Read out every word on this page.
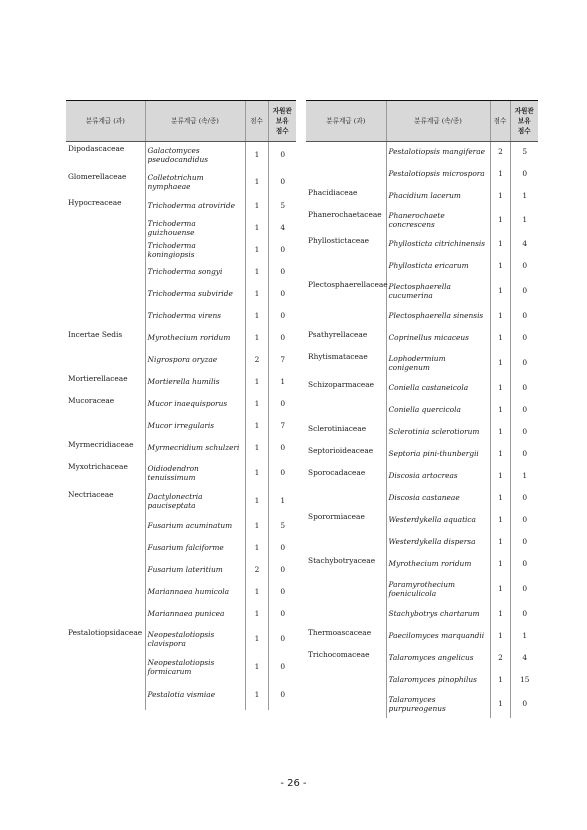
분류계급 (과)	분류계급 (속/종)	점수	자원관
보유
점수
Dipodascaceae	Galactomyces pseudocandidus	1	0
Glomerellaceae	Colletotrichum nymphaeae	1	0
Hypocreaceae	Trichoderma atroviride	1	5
	Trichoderma guizhouense	1	4
	Trichoderma koningiopsis	1	0
	Trichoderma songyi	1	0
	Trichoderma subviride	1	0
	Trichoderma virens	1	0
Incertae Sedis	Myrothecium roridum	1	0
	Nigrospora oryzae	2	7
Mortierellaceae	Mortierella humilis	1	1
Mucoraceae	Mucor inaequisporus	1	0
	Mucor irregularis	1	7
Myrmecridiaceae	Myrmecridium schulzeri	1	0
Myxotrichaceae	Oidiodendron tenuissimum	1	0
Nectriaceae	Dactylonectria pauciseptata	1	1
	Fusarium acuminatum	1	5
	Fusarium falciforme	1	0
	Fusarium lateritium	2	0
	Mariannaea humicola	1	0
	Mariannaea punicea	1	0
Pestalotiopsidaceae	Neopestalotiopsis clavispora	1	0
	Neopestalotiopsis formicarum	1	0
	Pestalotia vismiae	1	0
분류계급 (과)	분류계급 (속/종)	점수	자원관
보유
점수
	Pestalotiopsis mangiferae	2	5
	Pestalotiopsis microspora	1	0
Phacidiaceae	Phacidium lacerum	1	1
Phanerochaetaceae	Phanerochaete concrescens	1	1
Phyllostictaceae	Phyllosticta citrichinensis	1	4
	Phyllosticta ericarum	1	0
Plectosphaerellaceae	Plectosphaerella cucumerina	1	0
	Plectosphaerella sinensis	1	0
Psathyrellaceae	Coprinellus micaceus	1	0
Rhytismataceae	Lophodermium conigenum	1	0
Schizoparmaceae	Coniella castaneicola	1	0
	Coniella quercicola	1	0
Sclerotiniaceae	Sclerotinia sclerotiorum	1	0
Septorioideaceae	Septoria pini-thunbergii	1	0
Sporocadaceae	Discosia artocreas	1	1
	Discosia castaneae	1	0
Sporormiaceae	Westerdykella aquatica	1	0
	Westerdykella dispersa	1	0
Stachybotryaceae	Myrothecium roridum	1	0
	Paramyrothecium foeniculicola	1	0
	Stachybotrys chartarum	1	0
Thermoascaceae	Paecilomyces marquandii	1	1
Trichocomaceae	Talaromyces angelicus	2	4
	Talaromyces pinophilus	1	15
	Talaromyces purpureogenus	1	0
- 26 -
